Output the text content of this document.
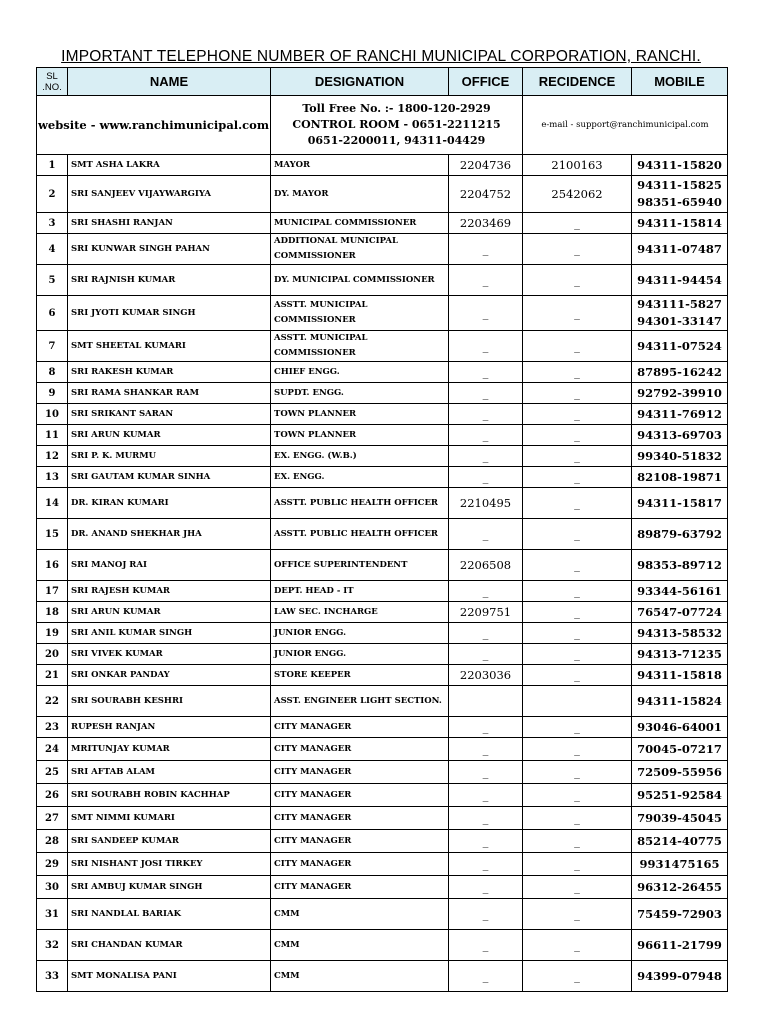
IMPORTANT TELEPHONE NUMBER OF RANCHI MUNICIPAL CORPORATION, RANCHI.
SL .NO.	NAME	DESIGNATION	OFFICE	RECIDENCE	MOBILE
website - www.ranchimunicipal.com		Toll Free No. :- 1800-120-2929
CONTROL ROOM - 0651-2211215
0651-2200011, 94311-04429		e-mail - support@ranchimunicipal.com	
1	SMT ASHA LAKRA	MAYOR	2204736	2100163	94311-15820

2	SRI SANJEEV VIJAYWARGIYA	DY. MAYOR	2204752	2542062	94311-15825
98351-65940

3	SRI SHASHI RANJAN	MUNICIPAL COMMISSIONER	2203469	_	94311-15814

4	SRI KUNWAR SINGH PAHAN	ADDITIONAL MUNICIPAL COMMISSIONER	_	_	94311-07487

5	SRI RAJNISH KUMAR	DY. MUNICIPAL COMMISSIONER	_	_	94311-94454

6	SRI JYOTI KUMAR SINGH	ASSTT. MUNICIPAL COMMISSIONER	_	_	943111-5827
94301-33147

7	SMT SHEETAL KUMARI	ASSTT. MUNICIPAL COMMISSIONER	_	_	94311-07524

8	SRI RAKESH KUMAR	CHIEF ENGG.	_	_	87895-16242

9	SRI RAMA SHANKAR RAM	SUPDT. ENGG.	_	_	92792-39910

10	SRI SRIKANT SARAN	TOWN PLANNER	_	_	94311-76912

11	SRI ARUN KUMAR	TOWN PLANNER	_	_	94313-69703

12	SRI P. K. MURMU	EX. ENGG. (W.B.)	_	_	99340-51832

13	SRI GAUTAM KUMAR SINHA	EX. ENGG.	_	_	82108-19871

14	DR. KIRAN KUMARI	ASSTT. PUBLIC HEALTH OFFICER	2210495	_	94311-15817

15	DR. ANAND SHEKHAR JHA	ASSTT. PUBLIC HEALTH OFFICER	_	_	89879-63792

16	SRI MANOJ RAI	OFFICE SUPERINTENDENT	2206508	_	98353-89712

17	SRI RAJESH KUMAR	DEPT. HEAD - IT	_	_	93344-56161

18	SRI ARUN KUMAR	LAW SEC. INCHARGE	2209751	_	76547-07724

19	SRI ANIL KUMAR SINGH	JUNIOR ENGG.	_	_	94313-58532

20	SRI VIVEK KUMAR	JUNIOR ENGG.	_	_	94313-71235

21	SRI ONKAR PANDAY	STORE KEEPER	2203036	_	94311-15818

22	SRI SOURABH KESHRI	ASST. ENGINEER LIGHT SECTION.			94311-15824

23	RUPESH RANJAN	CITY MANAGER	_	_	93046-64001

24	MRITUNJAY KUMAR	CITY MANAGER	_	_	70045-07217

25	SRI AFTAB ALAM	CITY MANAGER	_	_	72509-55956

26	SRI SOURABH ROBIN KACHHAP	CITY MANAGER	_	_	95251-92584

27	SMT NIMMI KUMARI	CITY MANAGER	_	_	79039-45045

28	SRI SANDEEP KUMAR	CITY MANAGER	_	_	85214-40775

29	SRI NISHANT JOSI TIRKEY	CITY MANAGER	_	_	9931475165

30	SRI AMBUJ KUMAR SINGH	CITY MANAGER	_	_	96312-26455

31	SRI NANDLAL BARIAK	CMM	_	_	75459-72903

32	SRI CHANDAN KUMAR	CMM	_	_	96611-21799

33	SMT MONALISA PANI	CMM	_	_	94399-07948
